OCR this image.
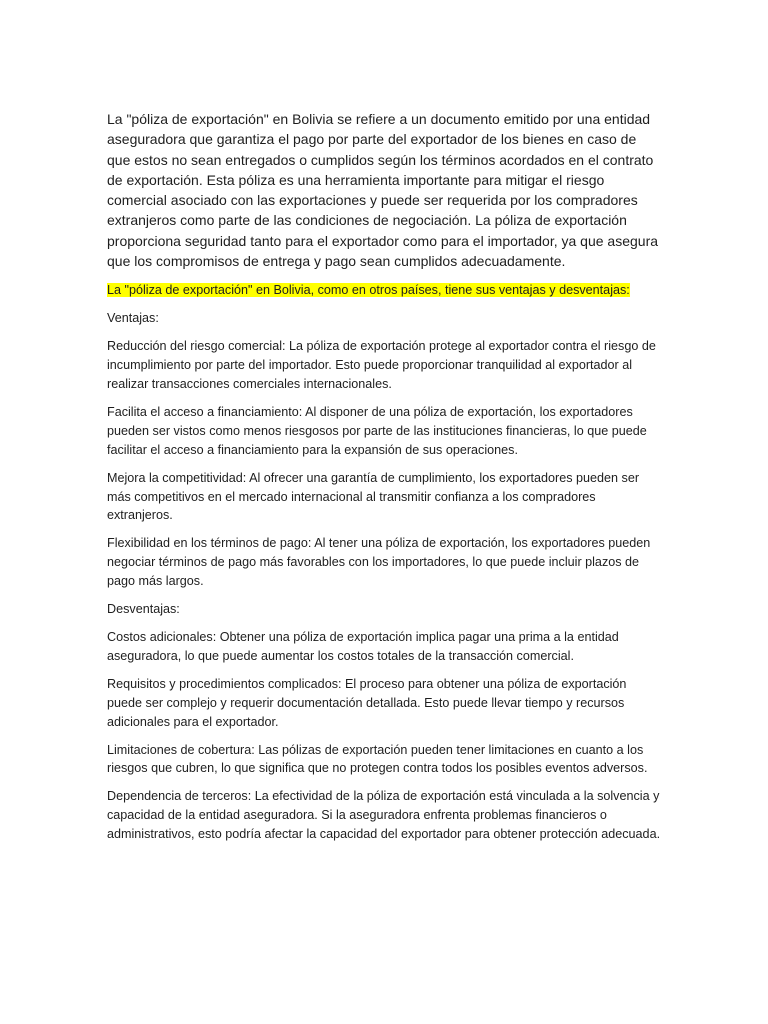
La "póliza de exportación" en Bolivia se refiere a un documento emitido por una entidad aseguradora que garantiza el pago por parte del exportador de los bienes en caso de que estos no sean entregados o cumplidos según los términos acordados en el contrato de exportación. Esta póliza es una herramienta importante para mitigar el riesgo comercial asociado con las exportaciones y puede ser requerida por los compradores extranjeros como parte de las condiciones de negociación. La póliza de exportación proporciona seguridad tanto para el exportador como para el importador, ya que asegura que los compromisos de entrega y pago sean cumplidos adecuadamente.

La "póliza de exportación" en Bolivia, como en otros países, tiene sus ventajas y desventajas:

Ventajas:

Reducción del riesgo comercial: La póliza de exportación protege al exportador contra el riesgo de incumplimiento por parte del importador. Esto puede proporcionar tranquilidad al exportador al realizar transacciones comerciales internacionales.

Facilita el acceso a financiamiento: Al disponer de una póliza de exportación, los exportadores pueden ser vistos como menos riesgosos por parte de las instituciones financieras, lo que puede facilitar el acceso a financiamiento para la expansión de sus operaciones.

Mejora la competitividad: Al ofrecer una garantía de cumplimiento, los exportadores pueden ser más competitivos en el mercado internacional al transmitir confianza a los compradores extranjeros.

Flexibilidad en los términos de pago: Al tener una póliza de exportación, los exportadores pueden negociar términos de pago más favorables con los importadores, lo que puede incluir plazos de pago más largos.

Desventajas:

Costos adicionales: Obtener una póliza de exportación implica pagar una prima a la entidad aseguradora, lo que puede aumentar los costos totales de la transacción comercial.

Requisitos y procedimientos complicados: El proceso para obtener una póliza de exportación puede ser complejo y requerir documentación detallada. Esto puede llevar tiempo y recursos adicionales para el exportador.

Limitaciones de cobertura: Las pólizas de exportación pueden tener limitaciones en cuanto a los riesgos que cubren, lo que significa que no protegen contra todos los posibles eventos adversos.

Dependencia de terceros: La efectividad de la póliza de exportación está vinculada a la solvencia y capacidad de la entidad aseguradora. Si la aseguradora enfrenta problemas financieros o administrativos, esto podría afectar la capacidad del exportador para obtener protección adecuada.
